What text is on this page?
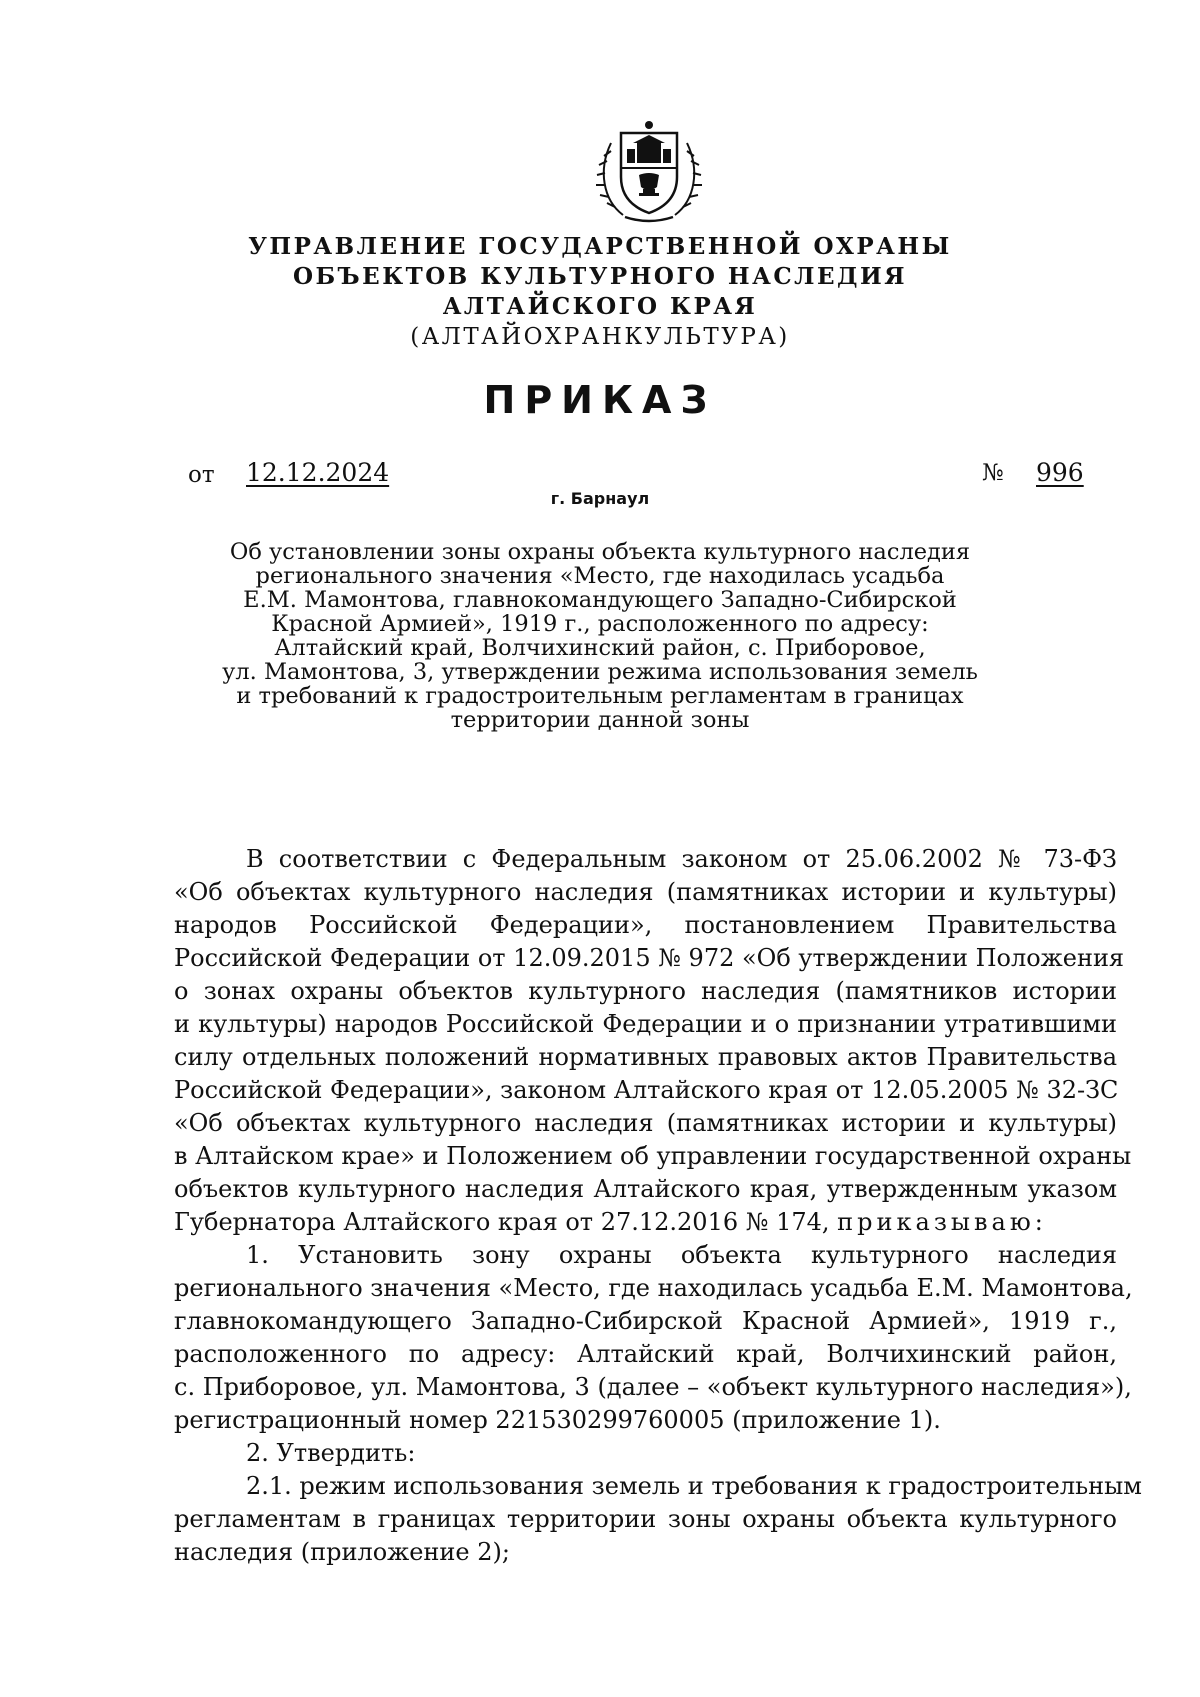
УПРАВЛЕНИЕ ГОСУДАРСТВЕННОЙ ОХРАНЫ
ОБЪЕКТОВ КУЛЬТУРНОГО НАСЛЕДИЯ
АЛТАЙСКОГО КРАЯ
(АЛТАЙОХРАНКУЛЬТУРА)
ПРИКАЗ
от 12.12.2024	№ 996
г. Барнаул
Об установлении зоны охраны объекта культурного наследия
регионального значения «Место, где находилась усадьба
Е.М. Мамонтова, главнокомандующего Западно-Сибирской
Красной Армией», 1919 г., расположенного по адресу:
Алтайский край, Волчихинский район, с. Приборовое,
ул. Мамонтова, 3, утверждении режима использования земель
и требований к градостроительным регламентам в границах
территории данной зоны
В соответствии с Федеральным законом от 25.06.2002 № 73-ФЗ
«Об объектах культурного наследия (памятниках истории и культуры)
народов Российской Федерации», постановлением Правительства
Российской Федерации от 12.09.2015 № 972 «Об утверждении Положения
о зонах охраны объектов культурного наследия (памятников истории
и культуры) народов Российской Федерации и о признании утратившими
силу отдельных положений нормативных правовых актов Правительства
Российской Федерации», законом Алтайского края от 12.05.2005 № 32-ЗС
«Об объектах культурного наследия (памятниках истории и культуры)
в Алтайском крае» и Положением об управлении государственной охраны
объектов культурного наследия Алтайского края, утвержденным указом
Губернатора Алтайского края от 27.12.2016 № 174, приказываю:
1. Установить зону охраны объекта культурного наследия
регионального значения «Место, где находилась усадьба Е.М. Мамонтова,
главнокомандующего Западно-Сибирской Красной Армией», 1919 г.,
расположенного по адресу: Алтайский край, Волчихинский район,
с. Приборовое, ул. Мамонтова, 3 (далее – «объект культурного наследия»),
регистрационный номер 221530299760005 (приложение 1).
2. Утвердить:
2.1. режим использования земель и требования к градостроительным
регламентам в границах территории зоны охраны объекта культурного
наследия (приложение 2);
